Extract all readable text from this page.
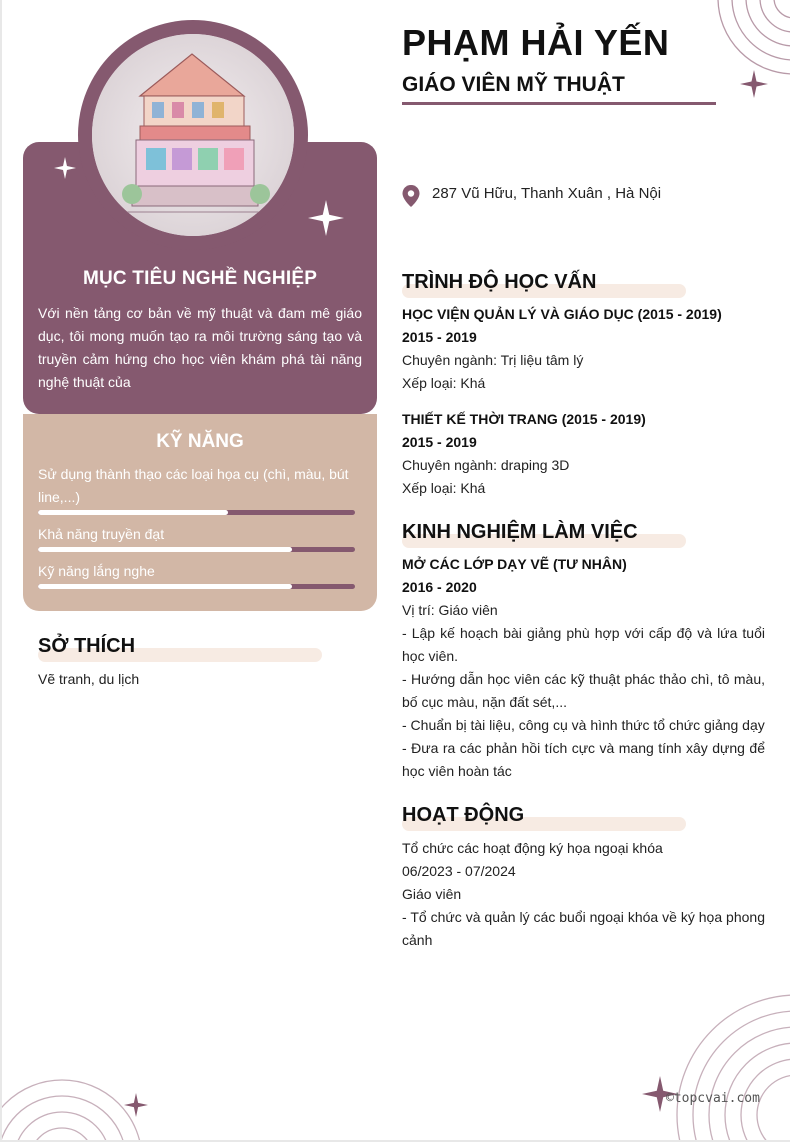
MỤC TIÊU NGHỀ NGHIỆP
Với nền tảng cơ bản về mỹ thuật và đam mê giáo dục, tôi mong muốn tạo ra môi trường sáng tạo và truyền cảm hứng cho học viên khám phá tài năng nghệ thuật của
KỸ NĂNG
Sử dụng thành thạo các loại họa cụ (chì, màu, bút line,...)
Khả năng truyền đạt
Kỹ năng lắng nghe
SỞ THÍCH
Vẽ tranh, du lịch
PHẠM HẢI YẾN
GIÁO VIÊN MỸ THUẬT
287 Vũ Hữu, Thanh Xuân , Hà Nội
TRÌNH ĐỘ HỌC VẤN
HỌC VIỆN QUẢN LÝ VÀ GIÁO DỤC (2015 - 2019)
2015 - 2019
Chuyên ngành: Trị liệu tâm lý
Xếp loại: Khá
THIẾT KẾ THỜI TRANG (2015 - 2019)
2015 - 2019
Chuyên ngành: draping 3D
Xếp loại: Khá
KINH NGHIỆM LÀM VIỆC
MỞ CÁC LỚP DẠY VẼ (TƯ NHÂN)
2016 - 2020
Vị trí: Giáo viên
- Lập kế hoạch bài giảng phù hợp với cấp độ và lứa tuổi học viên.
- Hướng dẫn học viên các kỹ thuật phác thảo chì, tô màu, bố cục màu, nặn đất sét,...
- Chuẩn bị tài liệu, công cụ và hình thức tổ chức giảng dạy
- Đưa ra các phản hồi tích cực và mang tính xây dựng để học viên hoàn tác
HOẠT ĐỘNG
Tổ chức các hoạt động ký họa ngoại khóa
06/2023 - 07/2024
Giáo viên
- Tổ chức và quản lý các buổi ngoại khóa về ký họa phong cảnh
©topcvai.com
